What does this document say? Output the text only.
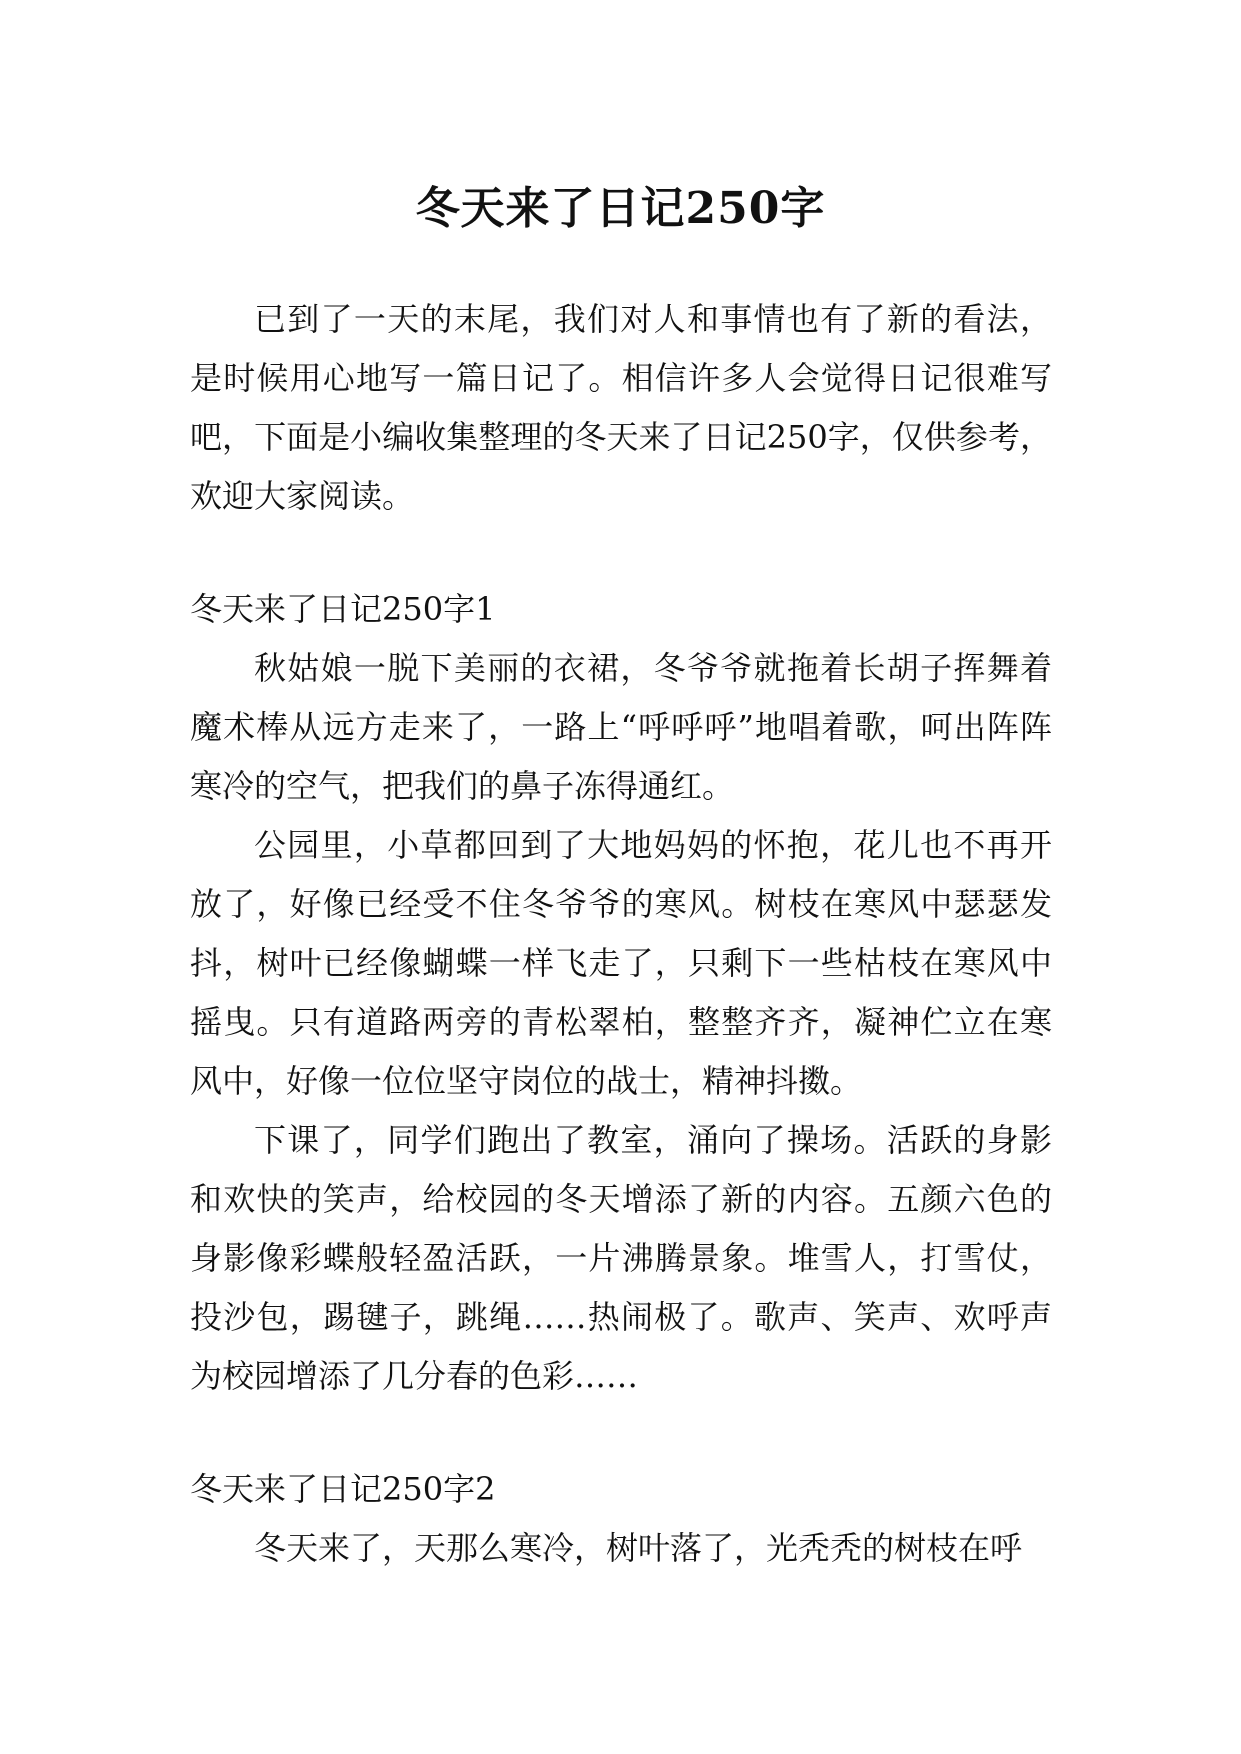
冬天来了日记250字

已到了一天的末尾，我们对人和事情也有了新的看法，是时候用心地写一篇日记了。相信许多人会觉得日记很难写吧，下面是小编收集整理的冬天来了日记250字，仅供参考，欢迎大家阅读。

冬天来了日记250字1

秋姑娘一脱下美丽的衣裙，冬爷爷就拖着长胡子挥舞着魔术棒从远方走来了，一路上“呼呼呼”地唱着歌，呵出阵阵寒冷的空气，把我们的鼻子冻得通红。

公园里，小草都回到了大地妈妈的怀抱，花儿也不再开放了，好像已经受不住冬爷爷的寒风。树枝在寒风中瑟瑟发抖，树叶已经像蝴蝶一样飞走了，只剩下一些枯枝在寒风中摇曳。只有道路两旁的青松翠柏，整整齐齐，凝神伫立在寒风中，好像一位位坚守岗位的战士，精神抖擞。

下课了，同学们跑出了教室，涌向了操场。活跃的身影和欢快的笑声，给校园的冬天增添了新的内容。五颜六色的身影像彩蝶般轻盈活跃，一片沸腾景象。堆雪人，打雪仗，投沙包，踢毽子，跳绳……热闹极了。歌声、笑声、欢呼声为校园增添了几分春的色彩……

冬天来了日记250字2

冬天来了，天那么寒冷，树叶落了，光秃秃的树枝在呼
